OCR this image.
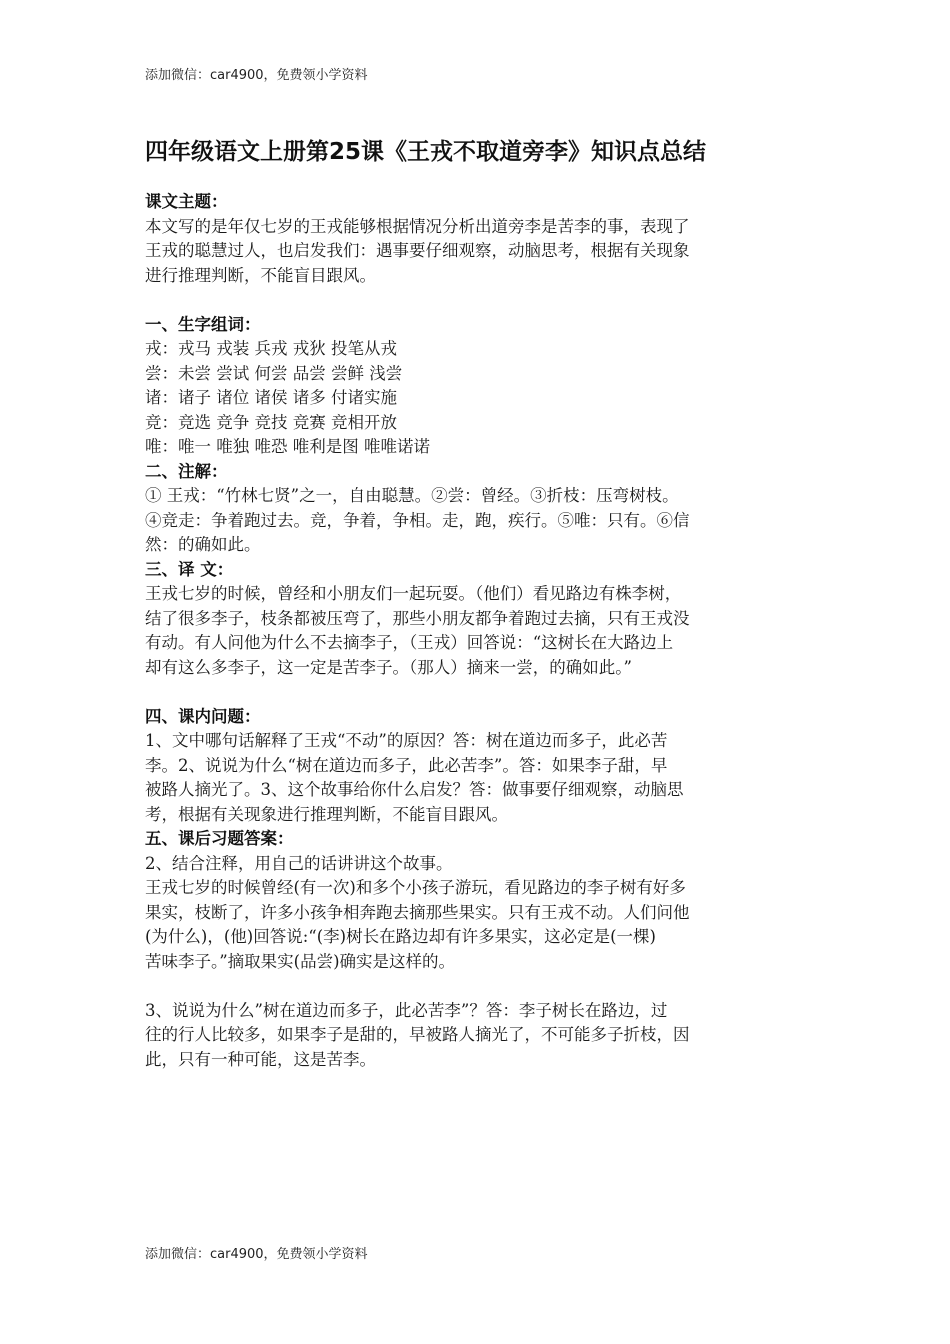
添加微信：car4900，免费领小学资料
四年级语文上册第25课《王戎不取道旁李》知识点总结
课文主题：
本文写的是年仅七岁的王戎能够根据情况分析出道旁李是苦李的事，表现了
王戎的聪慧过人，也启发我们：遇事要仔细观察，动脑思考，根据有关现象
进行推理判断，不能盲目跟风。
一、生字组词：
戎：戎马 戎装 兵戎 戎狄 投笔从戎
尝：未尝 尝试 何尝 品尝 尝鲜 浅尝
诸：诸子 诸位 诸侯 诸多 付诸实施
竞：竞选 竞争 竞技 竞赛 竞相开放
唯：唯一 唯独 唯恐 唯利是图 唯唯诺诺
二、注解：
① 王戎：“竹林七贤”之一，自由聪慧。②尝：曾经。③折枝：压弯树枝。
④竞走：争着跑过去。竞，争着，争相。走，跑，疾行。⑤唯：只有。⑥信
然：的确如此。
三、译 文：
王戎七岁的时候，曾经和小朋友们一起玩耍。（他们）看见路边有株李树，
结了很多李子，枝条都被压弯了，那些小朋友都争着跑过去摘，只有王戎没
有动。有人问他为什么不去摘李子，（王戎）回答说：“这树长在大路边上
却有这么多李子，这一定是苦李子。（那人）摘来一尝，的确如此。”
四、课内问题：
1、文中哪句话解释了王戎“不动”的原因？答：树在道边而多子，此必苦
李。2、说说为什么“树在道边而多子，此必苦李”。答：如果李子甜，早
被路人摘光了。3、这个故事给你什么启发？答：做事要仔细观察，动脑思
考，根据有关现象进行推理判断，不能盲目跟风。
五、课后习题答案：
2、结合注释，用自己的话讲讲这个故事。
王戎七岁的时候曾经(有一次)和多个小孩子游玩，看见路边的李子树有好多
果实，枝断了，许多小孩争相奔跑去摘那些果实。只有王戎不动。人们问他
(为什么)，(他)回答说:“(李)树长在路边却有许多果实，这必定是(一棵)
苦味李子。”摘取果实(品尝)确实是这样的。
3、说说为什么”树在道边而多子，此必苦李”？答：李子树长在路边，过
往的行人比较多，如果李子是甜的，早被路人摘光了，不可能多子折枝，因
此，只有一种可能，这是苦李。
添加微信：car4900，免费领小学资料
